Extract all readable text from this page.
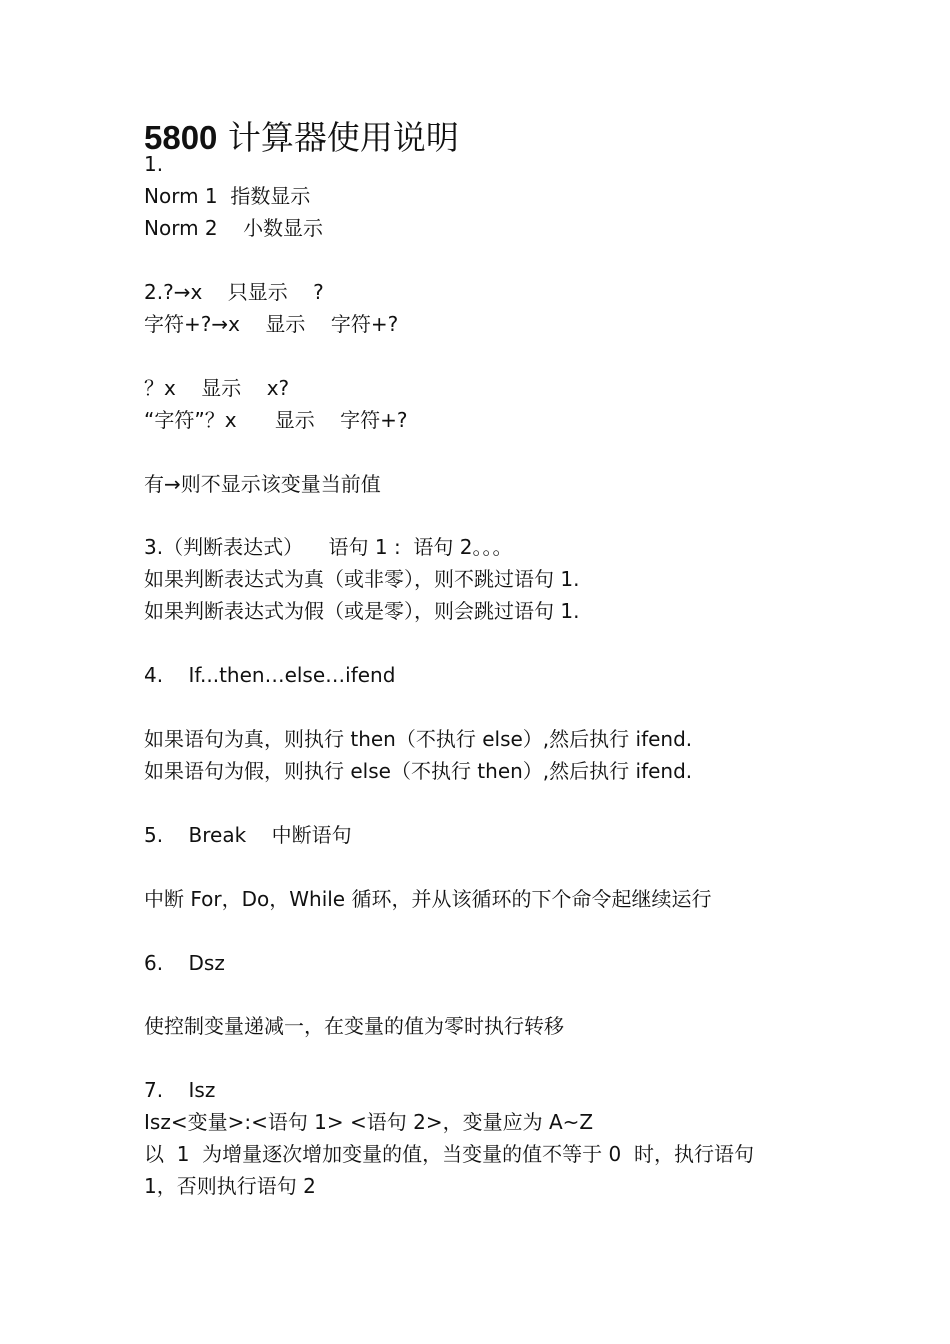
5800 计算器使用说明
1.
Norm 1  指数显示
Norm 2    小数显示
2.?→x    只显示    ?
字符+?→x    显示    字符+?
？x    显示    x?
“字符”？x      显示    字符+?
有→则不显示该变量当前值
3.（判断表达式）    语句 1 :  语句 2。。。
如果判断表达式为真（或非零），则不跳过语句 1.
如果判断表达式为假（或是零），则会跳过语句 1.
4.    If...then…else…ifend
如果语句为真，则执行 then（不执行 else）,然后执行 ifend.
如果语句为假，则执行 else（不执行 then）,然后执行 ifend.
5.    Break    中断语句
中断 For，Do，While 循环，并从该循环的下个命令起继续运行
6.    Dsz
使控制变量递减一，在变量的值为零时执行转移
7.    Isz
Isz<变量>:<语句 1> <语句 2>，变量应为 A~Z
以  1  为增量逐次增加变量的值，当变量的值不等于 0  时，执行语句
1，否则执行语句 2
